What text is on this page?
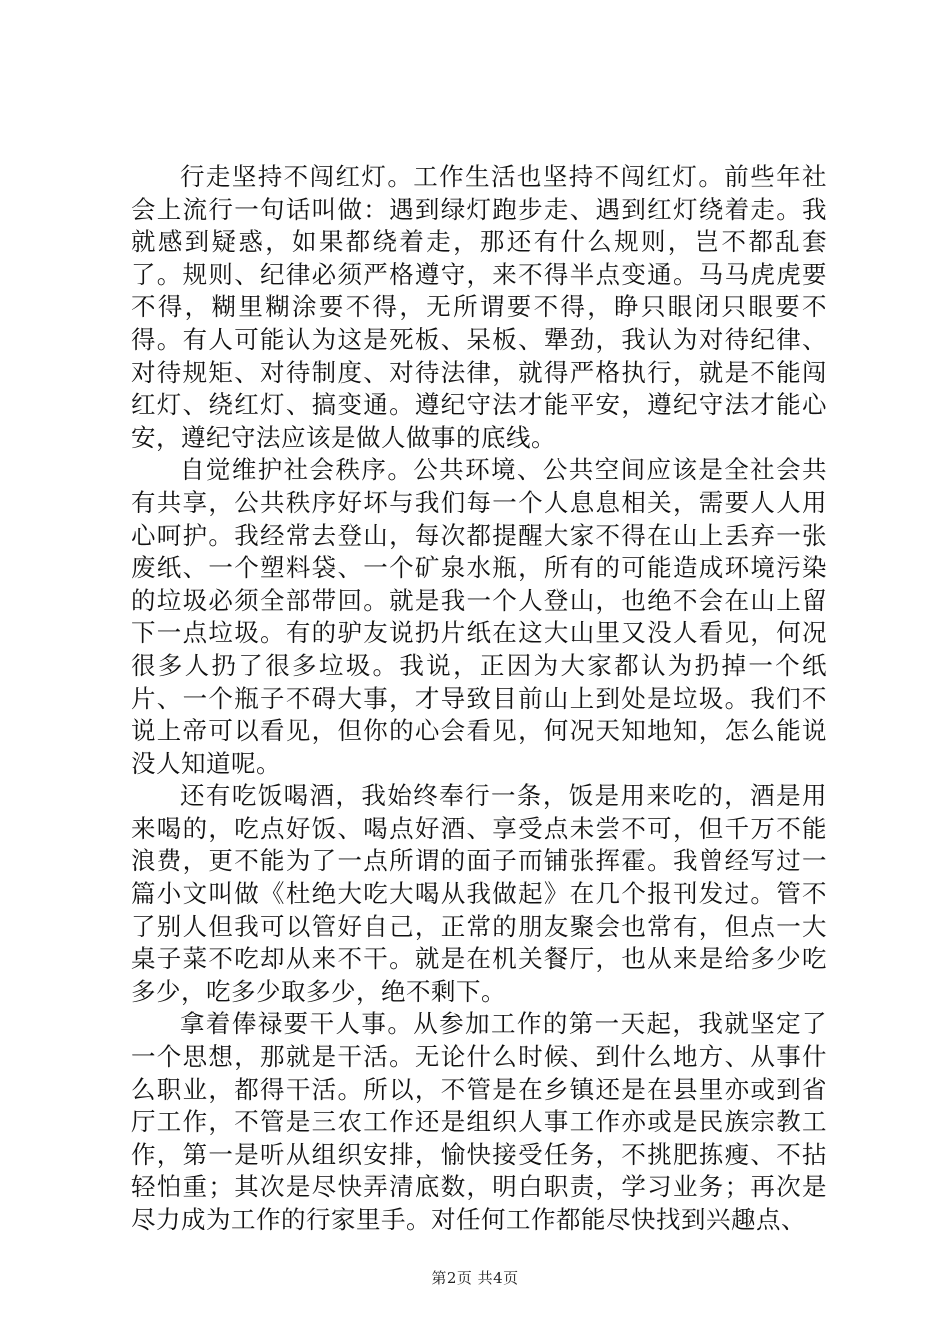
行走坚持不闯红灯。工作生活也坚持不闯红灯。前些年社会上流行一句话叫做：遇到绿灯跑步走、遇到红灯绕着走。我就感到疑惑，如果都绕着走，那还有什么规则，岂不都乱套了。规则、纪律必须严格遵守，来不得半点变通。马马虎虎要不得，糊里糊涂要不得，无所谓要不得，睁只眼闭只眼要不得。有人可能认为这是死板、呆板、犟劲，我认为对待纪律、对待规矩、对待制度、对待法律，就得严格执行，就是不能闯红灯、绕红灯、搞变通。遵纪守法才能平安，遵纪守法才能心安，遵纪守法应该是做人做事的底线。

自觉维护社会秩序。公共环境、公共空间应该是全社会共有共享，公共秩序好坏与我们每一个人息息相关，需要人人用心呵护。我经常去登山，每次都提醒大家不得在山上丢弃一张废纸、一个塑料袋、一个矿泉水瓶，所有的可能造成环境污染的垃圾必须全部带回。就是我一个人登山，也绝不会在山上留下一点垃圾。有的驴友说扔片纸在这大山里又没人看见，何况很多人扔了很多垃圾。我说，正因为大家都认为扔掉一个纸片、一个瓶子不碍大事，才导致目前山上到处是垃圾。我们不说上帝可以看见，但你的心会看见，何况天知地知，怎么能说没人知道呢。

还有吃饭喝酒，我始终奉行一条，饭是用来吃的，酒是用来喝的，吃点好饭、喝点好酒、享受点未尝不可，但千万不能浪费，更不能为了一点所谓的面子而铺张挥霍。我曾经写过一篇小文叫做《杜绝大吃大喝从我做起》在几个报刊发过。管不了别人但我可以管好自己，正常的朋友聚会也常有，但点一大桌子菜不吃却从来不干。就是在机关餐厅，也从来是给多少吃多少，吃多少取多少，绝不剩下。

拿着俸禄要干人事。从参加工作的第一天起，我就坚定了一个思想，那就是干活。无论什么时候、到什么地方、从事什么职业，都得干活。所以，不管是在乡镇还是在县里亦或到省厅工作，不管是三农工作还是组织人事工作亦或是民族宗教工作，第一是听从组织安排，愉快接受任务，不挑肥拣瘦、不拈轻怕重；其次是尽快弄清底数，明白职责，学习业务；再次是尽力成为工作的行家里手。对任何工作都能尽快找到兴趣点、

第2页 共4页
